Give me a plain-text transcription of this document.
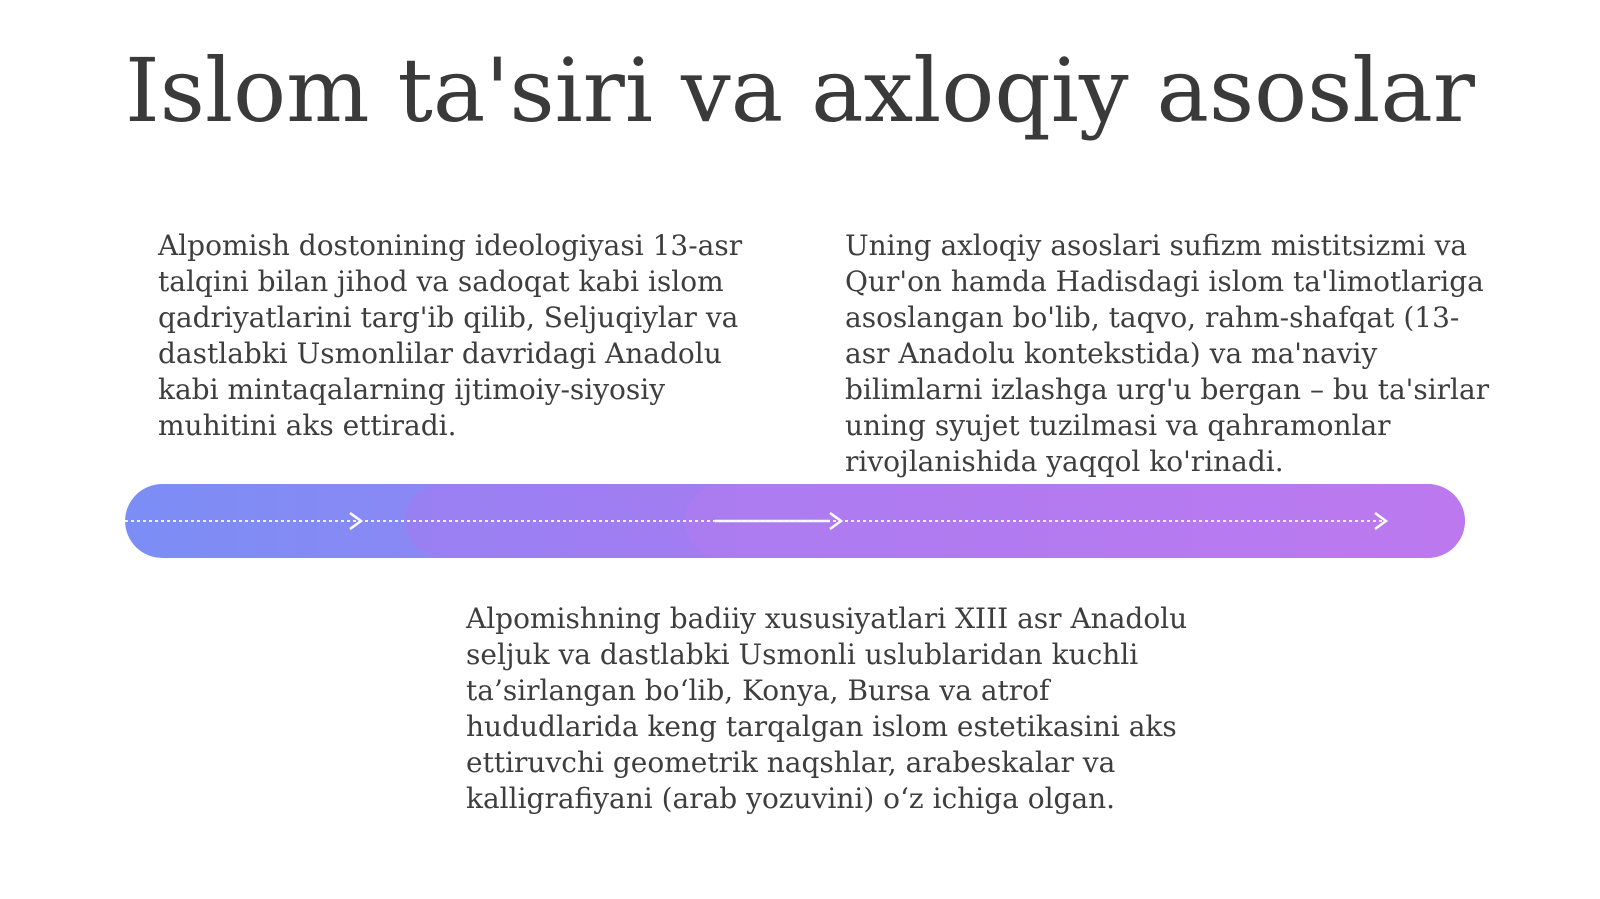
Islom ta'siri va axloqiy asoslar

Alpomish dostonining ideologiyasi 13-asr talqini bilan jihod va sadoqat kabi islom qadriyatlarini targ'ib qilib, Seljuqiylar va dastlabki Usmonlilar davridagi Anadolu kabi mintaqalarning ijtimoiy-siyosiy muhitini aks ettiradi.

Uning axloqiy asoslari sufizm mistitsizmi va Qur'on hamda Hadisdagi islom ta'limotlariga asoslangan bo'lib, taqvo, rahm-shafqat (13-asr Anadolu kontekstida) va ma'naviy bilimlarni izlashga urg'u bergan – bu ta'sirlar uning syujet tuzilmasi va qahramonlar rivojlanishida yaqqol ko'rinadi.

Alpomishning badiiy xususiyatlari XIII asr Anadolu seljuk va dastlabki Usmonli uslublaridan kuchli ta’sirlangan bo‘lib, Konya, Bursa va atrof hududlarida keng tarqalgan islom estetikasini aks ettiruvchi geometrik naqshlar, arabeskalar va kalligrafiyani (arab yozuvini) o‘z ichiga olgan.
